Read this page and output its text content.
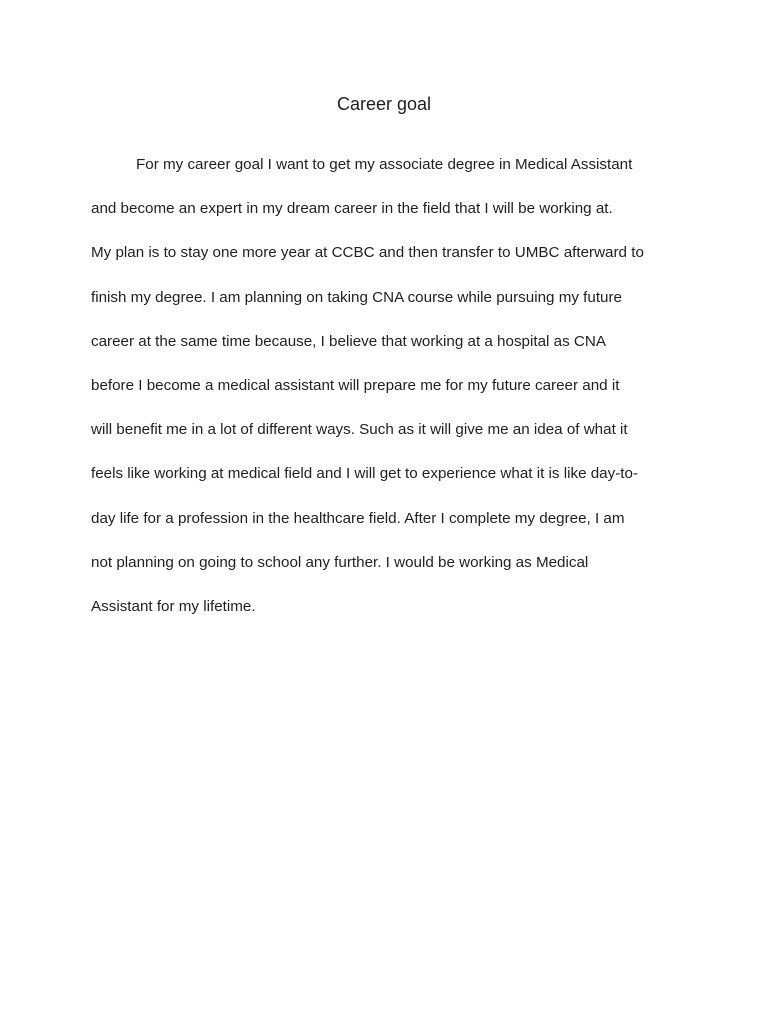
Career goal
For my career goal I want to get my associate degree in Medical Assistant
and become an expert in my dream career in the field that I will be working at.
My plan is to stay one more year at CCBC and then transfer to UMBC afterward to
finish my degree. I am planning on taking CNA course while pursuing my future
career at the same time because, I believe that working at a hospital as CNA
before I become a medical assistant will prepare me for my future career and it
will benefit me in a lot of different ways. Such as it will give me an idea of what it
feels like working at medical field and I will get to experience what it is like day-to-
day life for a profession in the healthcare field. After I complete my degree, I am
not planning on going to school any further. I would be working as Medical
Assistant for my lifetime.
